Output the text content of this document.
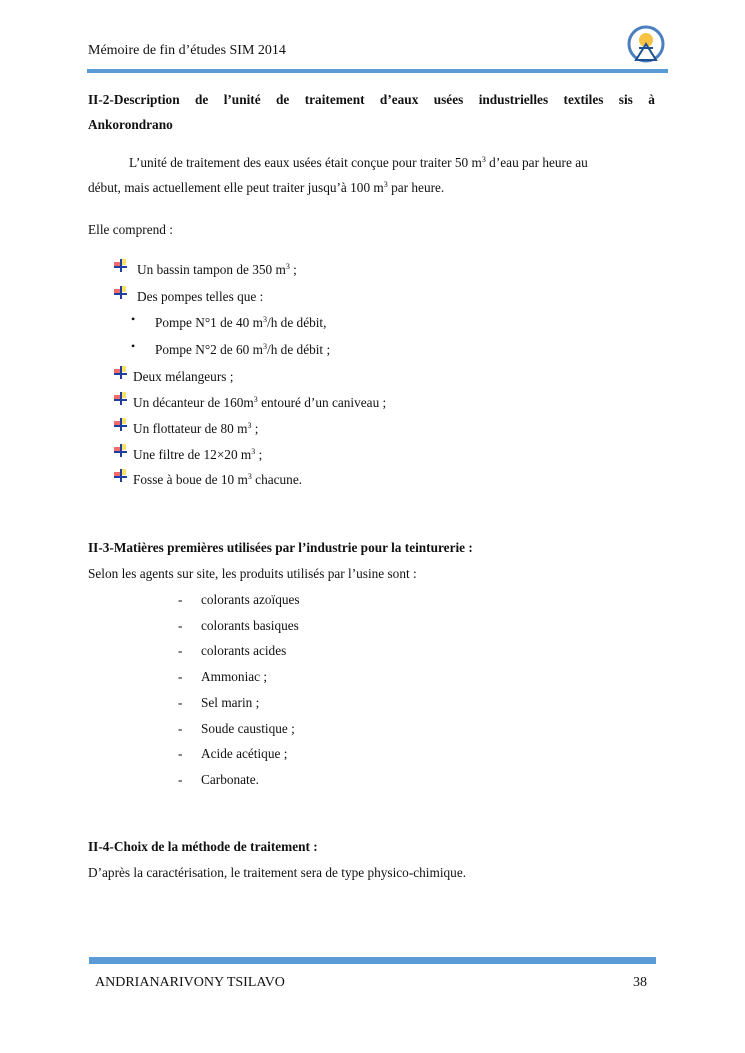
Mémoire de fin d’études SIM 2014
II-2-Description de l’unité de traitement d’eaux usées industrielles textiles sis à
Ankorondrano
L’unité de traitement des eaux usées était conçue pour traiter 50 $m^3$ d’eau par heure au
début, mais actuellement elle peut traiter jusqu’à 100 $m^3$ par heure.
Elle comprend :
Un bassin tampon de 350 $m^3$ ;
Des pompes telles que :
Deux mélangeurs ;
Un décanteur de $160m^3$ entouré d’un caniveau ;
Un flottateur de 80 $m^3$ ;
Une filtre de 12×20 $m^3$ ;
Fosse à boue de 10 $m^3$ chacune.
• Pompe N°1 de 40 $m^3/h$ de débit,
• Pompe N°2 de 60 $m^3/h$ de débit ;
II-3-Matières premières utilisées par l’industrie pour la teinturerie :
Selon les agents sur site, les produits utilisés par l’usine sont :
- colorants azoïques
- colorants basiques
- colorants acides
- Ammoniac ;
- Sel marin ;
- Soude caustique ;
- Acide acétique ;
- Carbonate.
II-4-Choix de la méthode de traitement :
D’après la caractérisation, le traitement sera de type physico-chimique.
ANDRIANARIVONY TSILAVO	38
